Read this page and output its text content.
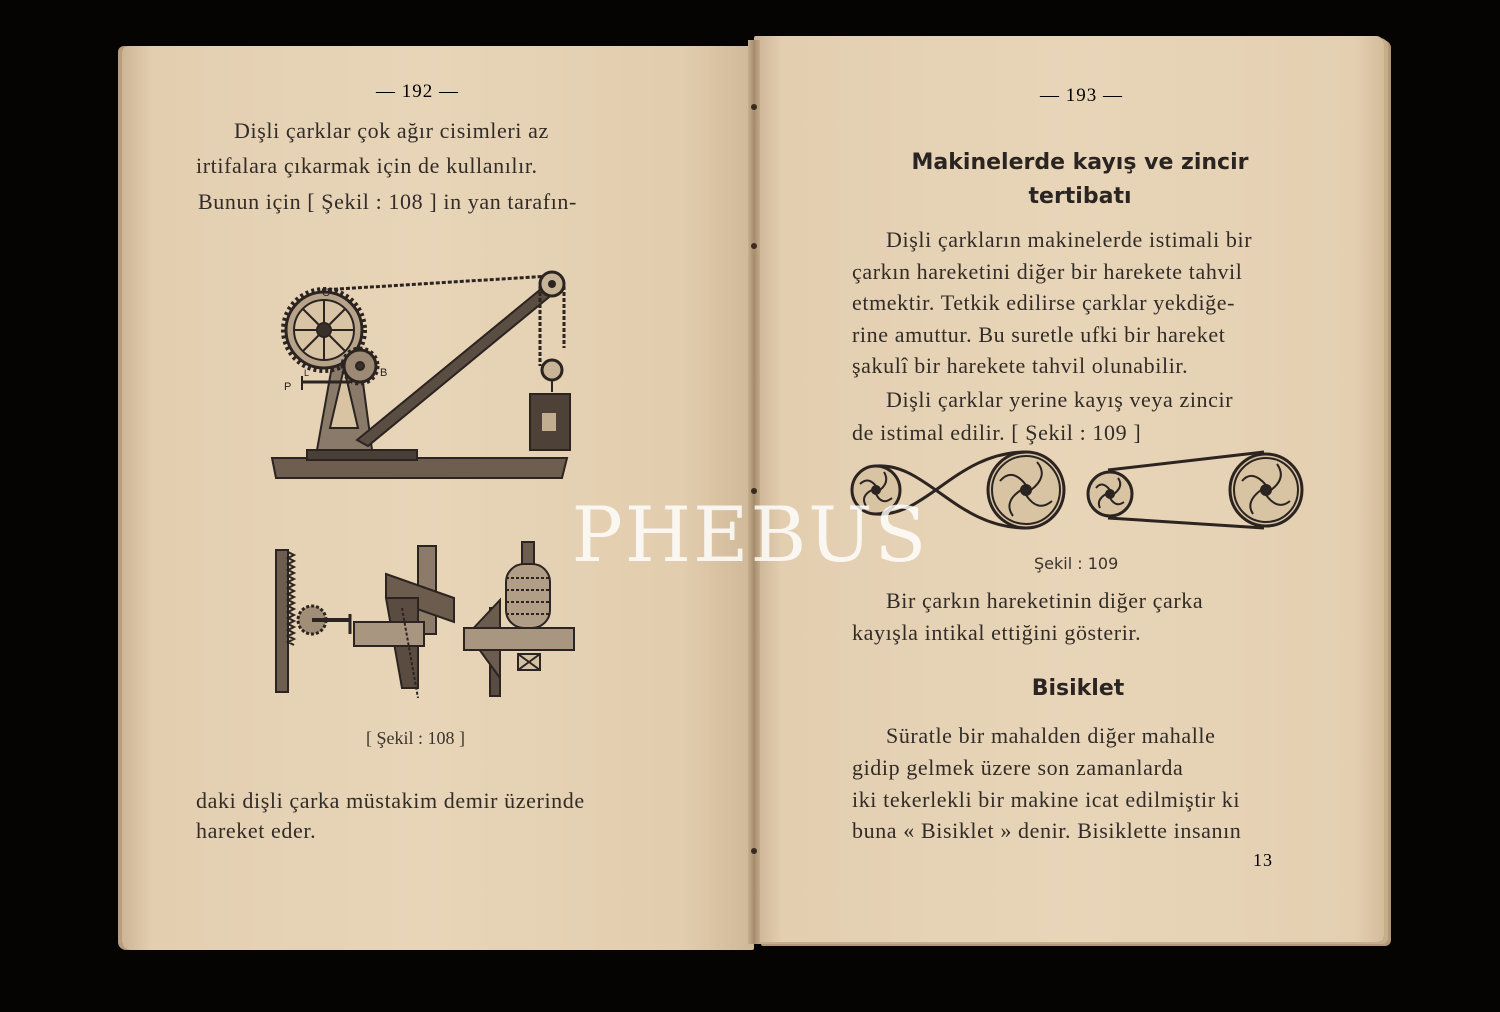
— 192 —
Dişli çarklar çok ağır cisimleri az
irtifalara çıkarmak için de kullanılır.
Bunun için [ Şekil : 108 ] in yan tarafın-
C
B
P
L
[ Şekil : 108 ]
daki dişli çarka müstakim demir üzerinde
hareket eder.
— 193 —
Makinelerde kayış ve zincir
tertibatı
Dişli çarkların makinelerde istimali bir
çarkın hareketini diğer bir harekete tahvil
etmektir. Tetkik edilirse çarklar yekdiğe-
rine amuttur. Bu suretle ufki bir hareket
şakulî bir harekete tahvil olunabilir.
Dişli çarklar yerine kayış veya zincir
de istimal edilir. [ Şekil : 109 ]
Şekil : 109
Bir çarkın hareketinin diğer çarka
kayışla intikal ettiğini gösterir.
Bisiklet
Süratle bir mahalden diğer mahalle
gidip gelmek üzere son zamanlarda
iki tekerlekli bir makine icat edilmiştir ki
buna « Bisiklet » denir. Bisiklette insanın
13
PHEBUS
